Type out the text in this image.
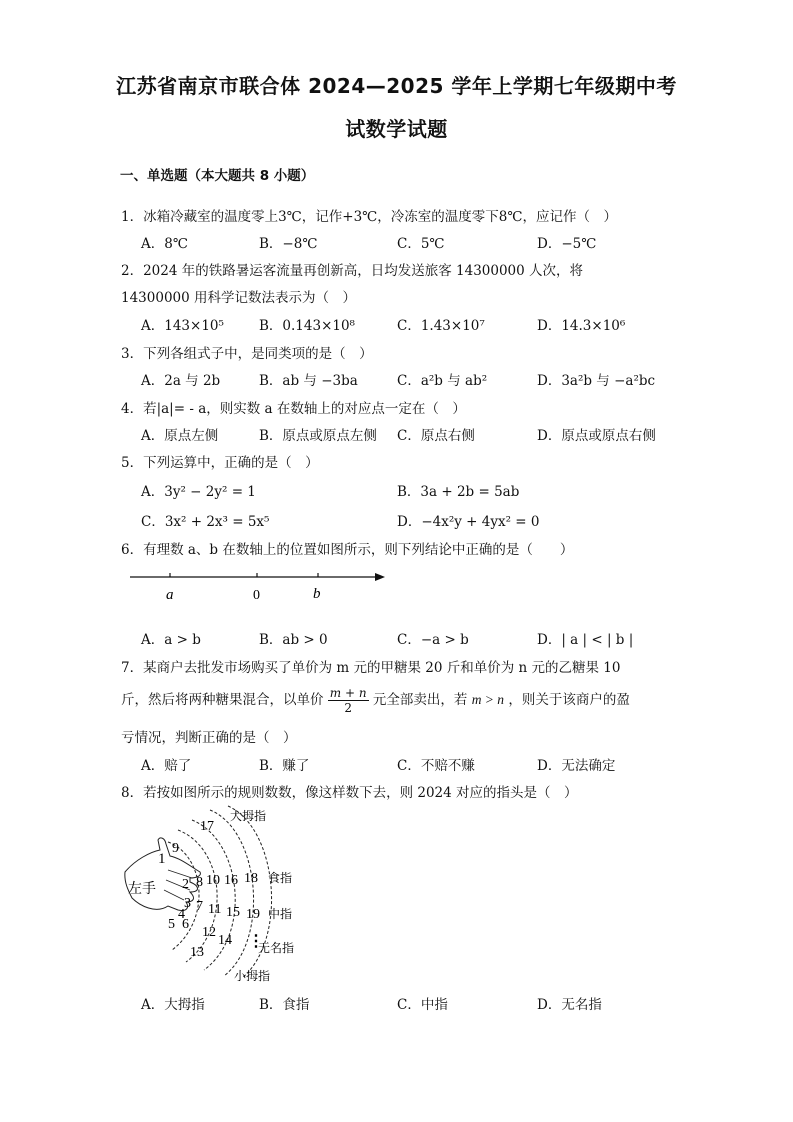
江苏省南京市联合体 2024—2025 学年上学期七年级期中考
试数学试题
一、单选题（本大题共 8 小题）
1．冰箱冷藏室的温度零上3℃，记作+3℃，冷冻室的温度零下8℃，应记作（　）
A．8℃	B．−8℃	C．5℃	D．−5℃
2．2024 年的铁路暑运客流量再创新高，日均发送旅客 14300000 人次，将
14300000 用科学记数法表示为（　）
A．143×10⁵	B．0.143×10⁸	C．1.43×10⁷	D．14.3×10⁶
3．下列各组式子中，是同类项的是（　）
A．2a 与 2b	B．ab 与 −3ba	C．a²b 与 ab²	D．3a²b 与 −a²bc
4．若|a|= - a，则实数 a 在数轴上的对应点一定在（　）
A．原点左侧	B．原点或原点左侧 C．原点右侧	D．原点或原点右侧
5．下列运算中，正确的是（　）
A．3y² − 2y² = 1	B．3a + 2b = 5ab
C．3x² + 2x³ = 5x⁵	D．−4x²y + 4yx² = 0
6．有理数 a、b 在数轴上的位置如图所示，则下列结论中正确的是（　　）
a	0	b
A．a > b	B．ab > 0	C．−a > b	D．| a | < | b |
7．某商户去批发市场购买了单价为 m 元的甲糖果 20 斤和单价为 n 元的乙糖果 10
斤，然后将两种糖果混合，以单价 $\frac{m + n}{2}$ 元全部卖出，若 m > n ，则关于该商户的盈
亏情况，判断正确的是（　）
A．赔了	B．赚了	C．不赔不赚	D．无法确定
8．若按如图所示的规则数数，像这样数下去，则 2024 对应的指头是（　）
左手
1
2
3
4
5 6
7
8
9
10
11
12
13
14
15
16
17
18
19
⋮
大拇指
食指
中指
无名指
小拇指
A．大拇指	B．食指	C．中指	D．无名指
